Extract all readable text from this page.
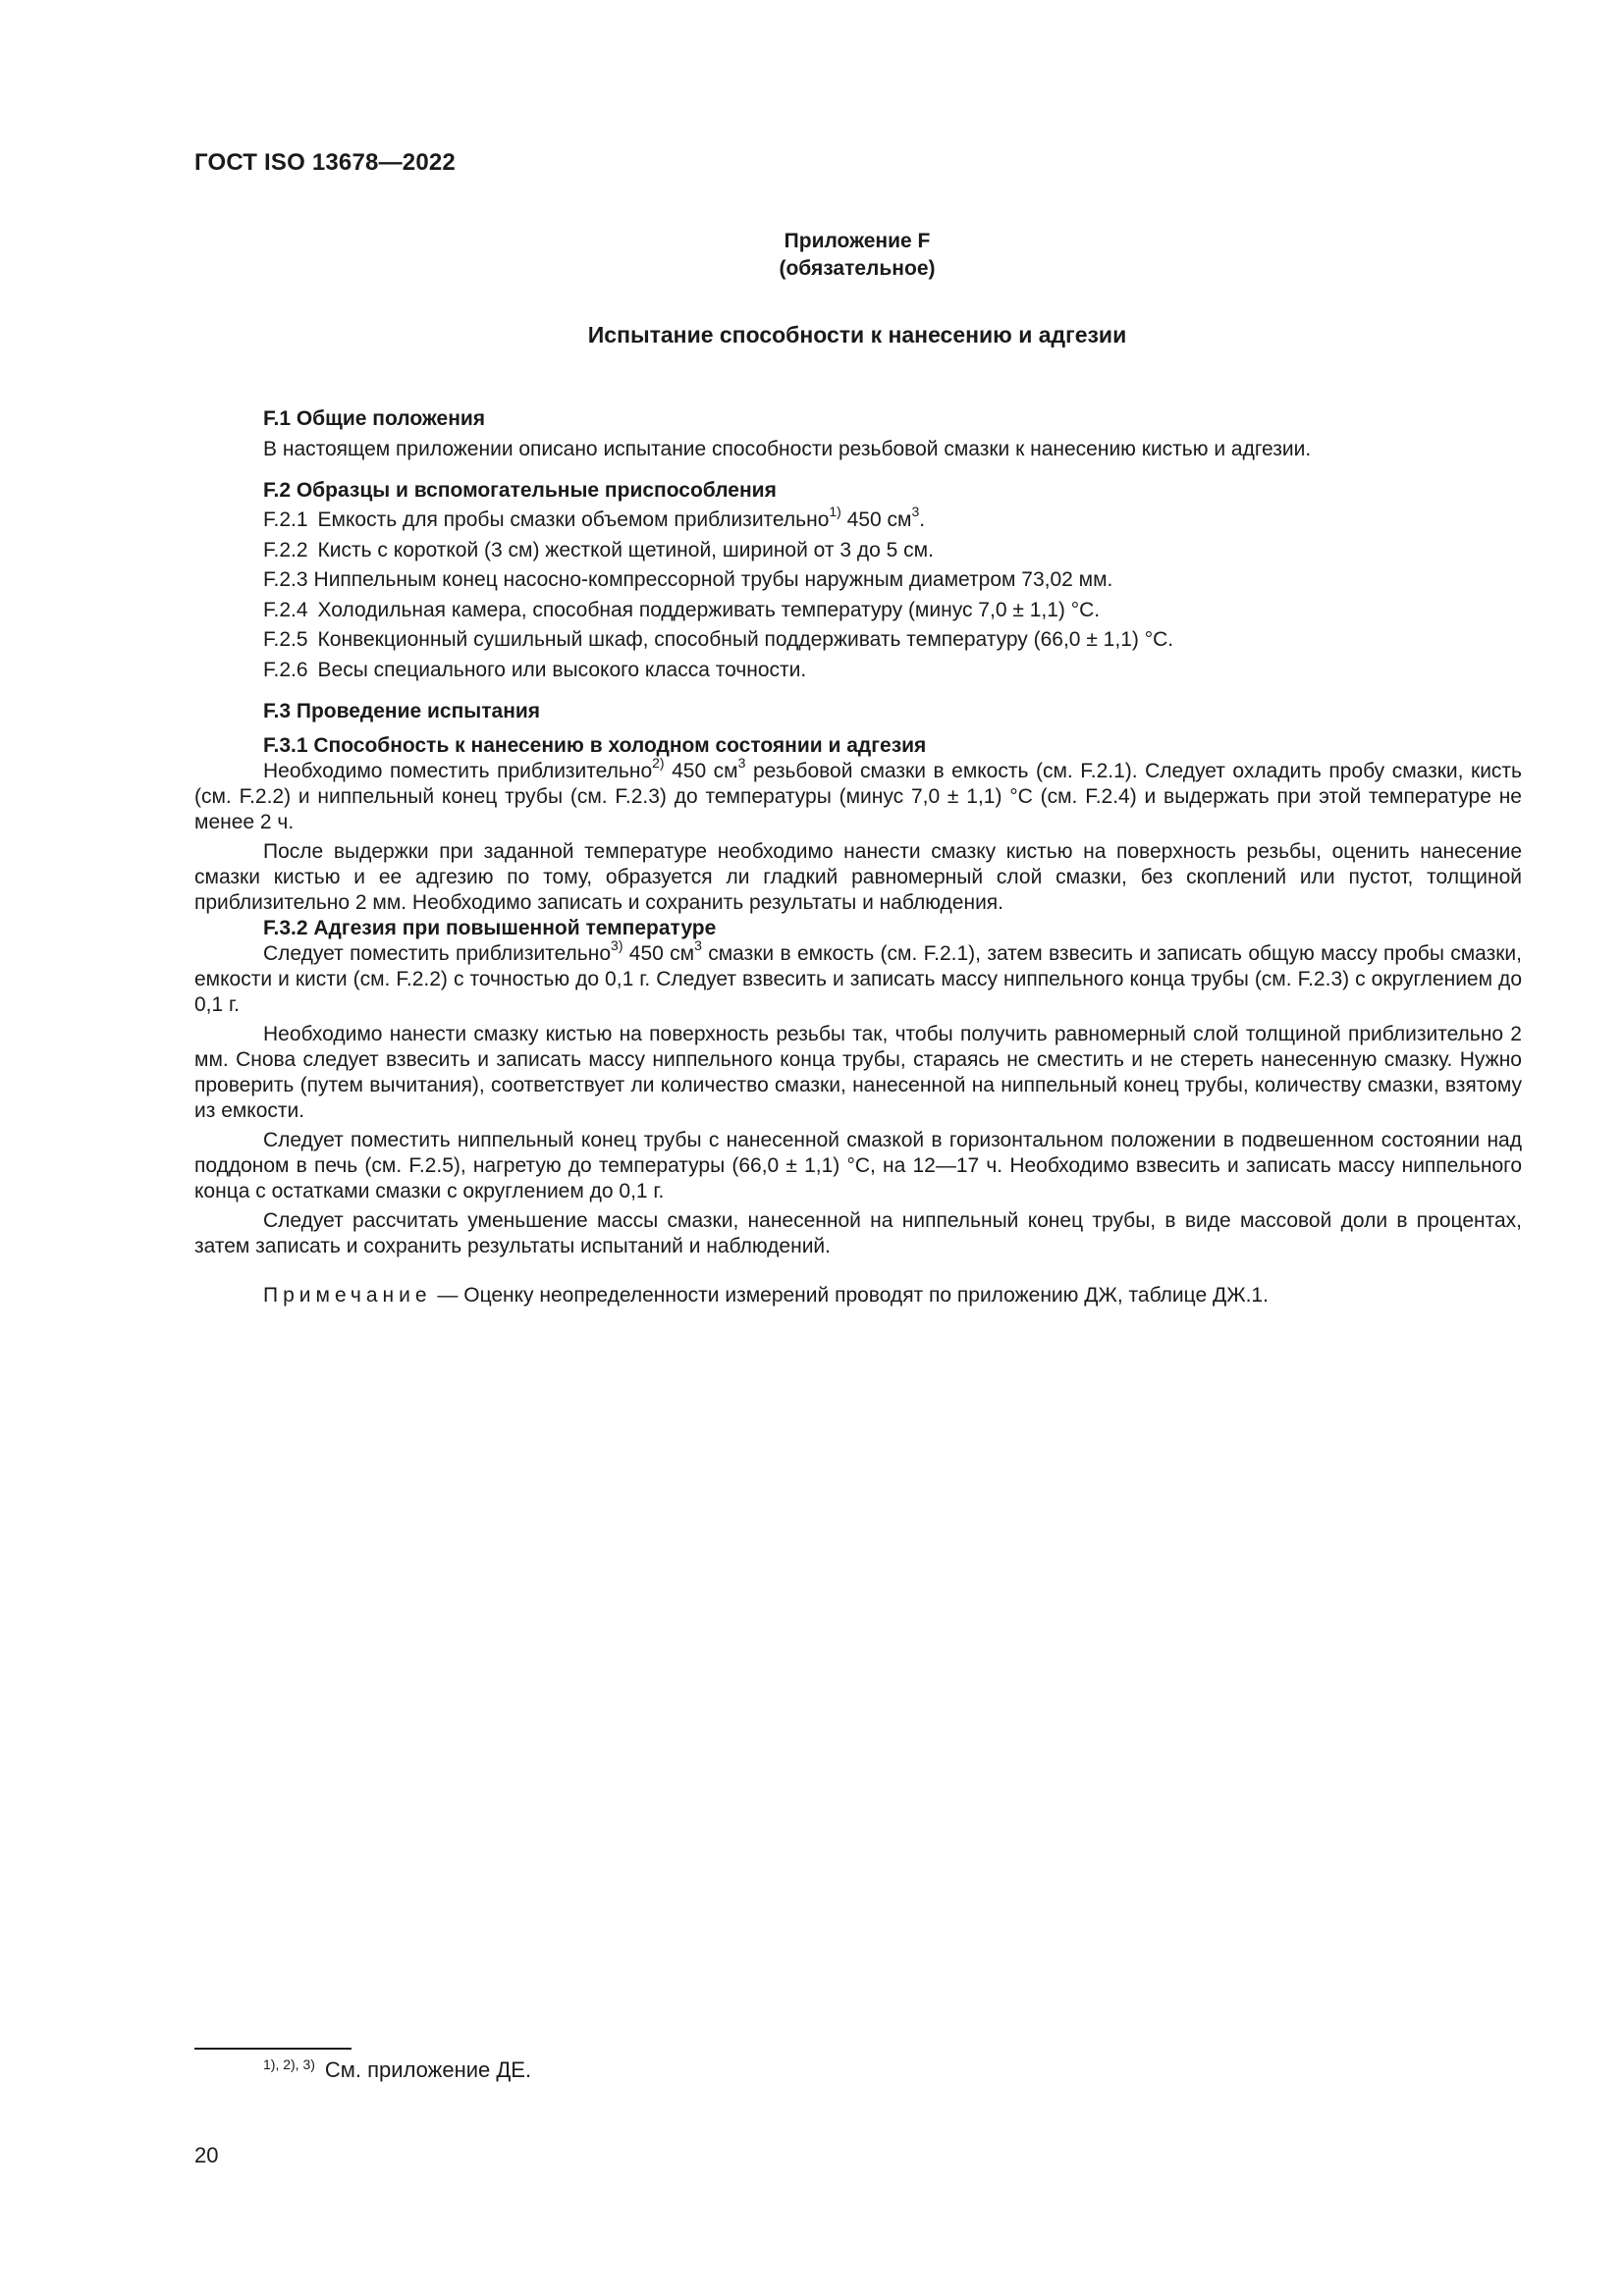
ГОСТ ISO 13678—2022
Приложение F
(обязательное)
Испытание способности к нанесению и адгезии
F.1 Общие положения

В настоящем приложении описано испытание способности резьбовой смазки к нанесению кистью и адгезии.

F.2 Образцы и вспомогательные приспособления
F.2.1 Емкость для пробы смазки объемом приблизительно$^{1)}$ 450 $см^3$.
F.2.2 Кисть с короткой (3 см) жесткой щетиной, шириной от 3 до 5 см.
F.2.3 Ниппельным конец насосно-компрессорной трубы наружным диаметром 73,02 мм.
F.2.4 Холодильная камера, способная поддерживать температуру (минус 7,0 ± 1,1) °C.
F.2.5 Конвекционный сушильный шкаф, способный поддерживать температуру (66,0 ± 1,1) °C.
F.2.6 Весы специального или высокого класса точности.
F.3 Проведение испытания
F.3.1 Способность к нанесению в холодном состоянии и адгезия

Необходимо поместить приблизительно$^{2)}$ 450 $см^3$ резьбовой смазки в емкость (см. F.2.1). Следует охладить пробу смазки, кисть (см. F.2.2) и ниппельный конец трубы (см. F.2.3) до температуры (минус 7,0 ± 1,1) °C (см. F.2.4) и выдержать при этой температуре не менее 2 ч.

После выдержки при заданной температуре необходимо нанести смазку кистью на поверхность резьбы, оценить нанесение смазки кистью и ее адгезию по тому, образуется ли гладкий равномерный слой смазки, без скоплений или пустот, толщиной приблизительно 2 мм. Необходимо записать и сохранить результаты и наблюдения.

F.3.2 Адгезия при повышенной температуре

Следует поместить приблизительно$^{3)}$ 450 $см^3$ смазки в емкость (см. F.2.1), затем взвесить и записать общую массу пробы смазки, емкости и кисти (см. F.2.2) с точностью до 0,1 г. Следует взвесить и записать массу ниппельного конца трубы (см. F.2.3) с округлением до 0,1 г.

Необходимо нанести смазку кистью на поверхность резьбы так, чтобы получить равномерный слой толщиной приблизительно 2 мм. Снова следует взвесить и записать массу ниппельного конца трубы, стараясь не сместить и не стереть нанесенную смазку. Нужно проверить (путем вычитания), соответствует ли количество смазки, нанесенной на ниппельный конец трубы, количеству смазки, взятому из емкости.

Следует поместить ниппельный конец трубы с нанесенной смазкой в горизонтальном положении в подвешенном состоянии над поддоном в печь (см. F.2.5), нагретую до температуры (66,0 ± 1,1) °C, на 12—17 ч. Необходимо взвесить и записать массу ниппельного конца с остатками смазки с округлением до 0,1 г.

Следует рассчитать уменьшение массы смазки, нанесенной на ниппельный конец трубы, в виде массовой доли в процентах, затем записать и сохранить результаты испытаний и наблюдений.

Примечание — Оценку неопределенности измерений проводят по приложению ДЖ, таблице ДЖ.1.
$^{1), 2), 3)}$ См. приложение ДЕ.
20
